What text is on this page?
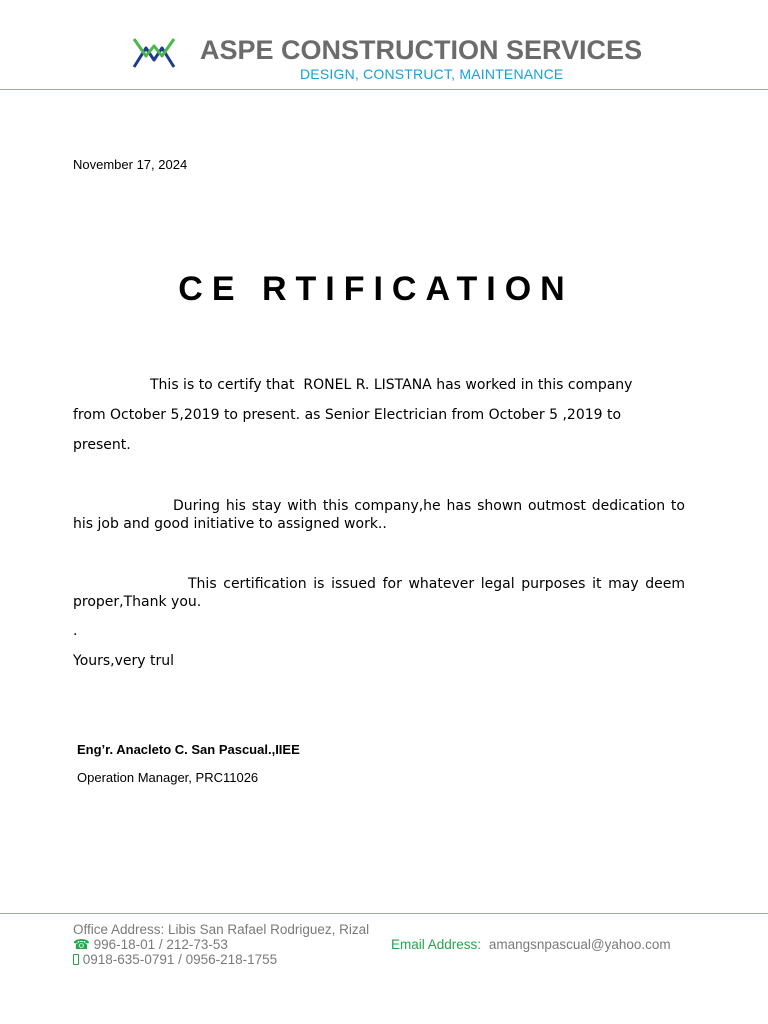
ASPE CONSTRUCTION SERVICES
DESIGN, CONSTRUCT, MAINTENANCE
November 17, 2024
CE RTIFICATION
This is to certify that  RONEL R. LISTANA has worked in this company
from October 5,2019 to present. as Senior Electrician from October 5 ,2019 to
present.
During his stay with this company,he has shown outmost dedication to his job and good initiative to assigned work..
This certification is issued for whatever legal purposes it may deem proper,Thank you.
.
Yours,very trul
Eng’r. Anacleto C. San Pascual.,IIEE
Operation Manager, PRC11026
Office Address: Libis San Rafael Rodriguez, Rizal
☎ 996-18-01 / 212-73-53
0918-635-0791 / 0956-218-1755
Email Address: amangsnpascual@yahoo.com
